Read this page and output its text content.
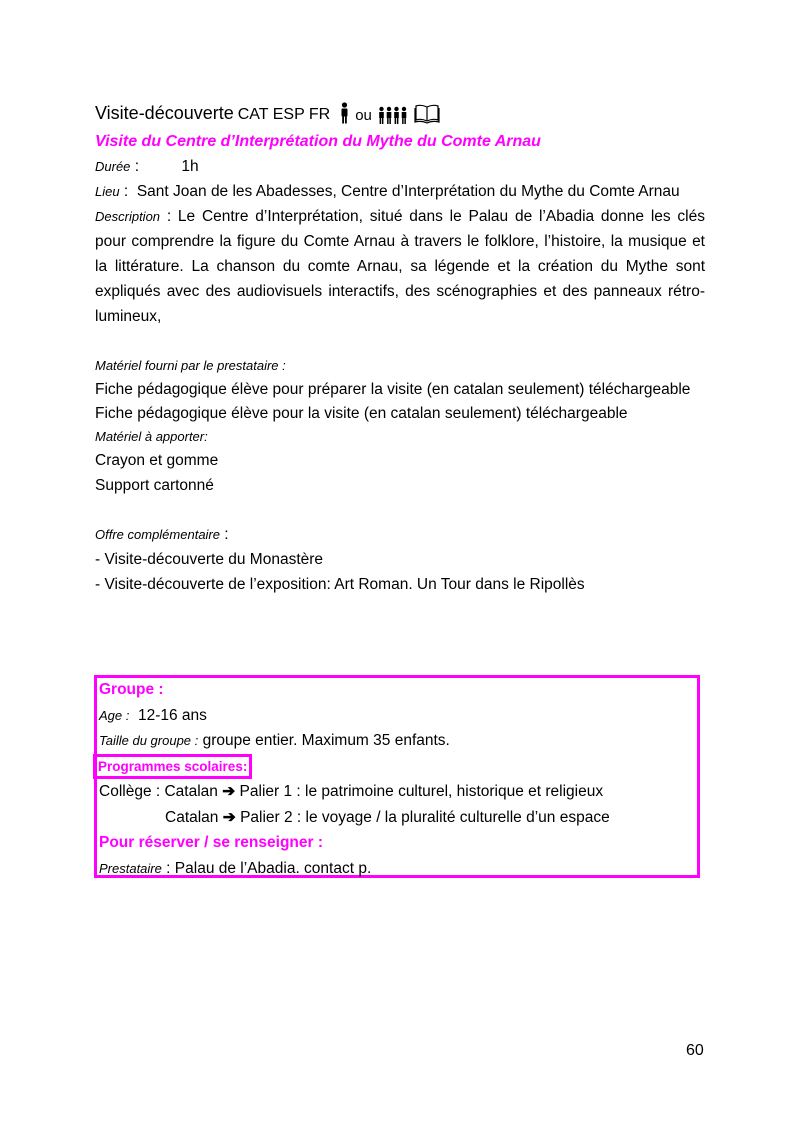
Visite-découverte CAT ESP FR ou
Visite du Centre d’Interprétation du Mythe du Comte Arnau
Durée :	1h
Lieu : Sant Joan de les Abadesses, Centre d’Interprétation du Mythe du Comte Arnau
Description : Le Centre d’Interprétation, situé dans le Palau de l’Abadia donne les clés pour comprendre la figure du Comte Arnau à travers le folklore, l’histoire, la musique et la littérature. La chanson du comte Arnau, sa légende et la création du Mythe sont expliqués avec des audiovisuels interactifs, des scénographies et des panneaux rétro-lumineux,
Matériel fourni par le prestataire :
Fiche pédagogique élève pour préparer la visite (en catalan seulement) téléchargeable
Fiche pédagogique élève pour la visite (en catalan seulement) téléchargeable
Matériel à apporter:
Crayon et gomme
Support cartonné
Offre complémentaire :
- Visite-découverte du Monastère
- Visite-découverte de l’exposition: Art Roman. Un Tour dans le Ripollès
Groupe :
Age : 12-16 ans
Taille du groupe : groupe entier. Maximum 35 enfants.
Programmes scolaires:
Collège : Catalan ➔ Palier 1 : le patrimoine culturel, historique et religieux
Catalan ➔ Palier 2 : le voyage / la pluralité culturelle d’un espace
Pour réserver / se renseigner :
Prestataire : Palau de l’Abadia. contact p.
60
